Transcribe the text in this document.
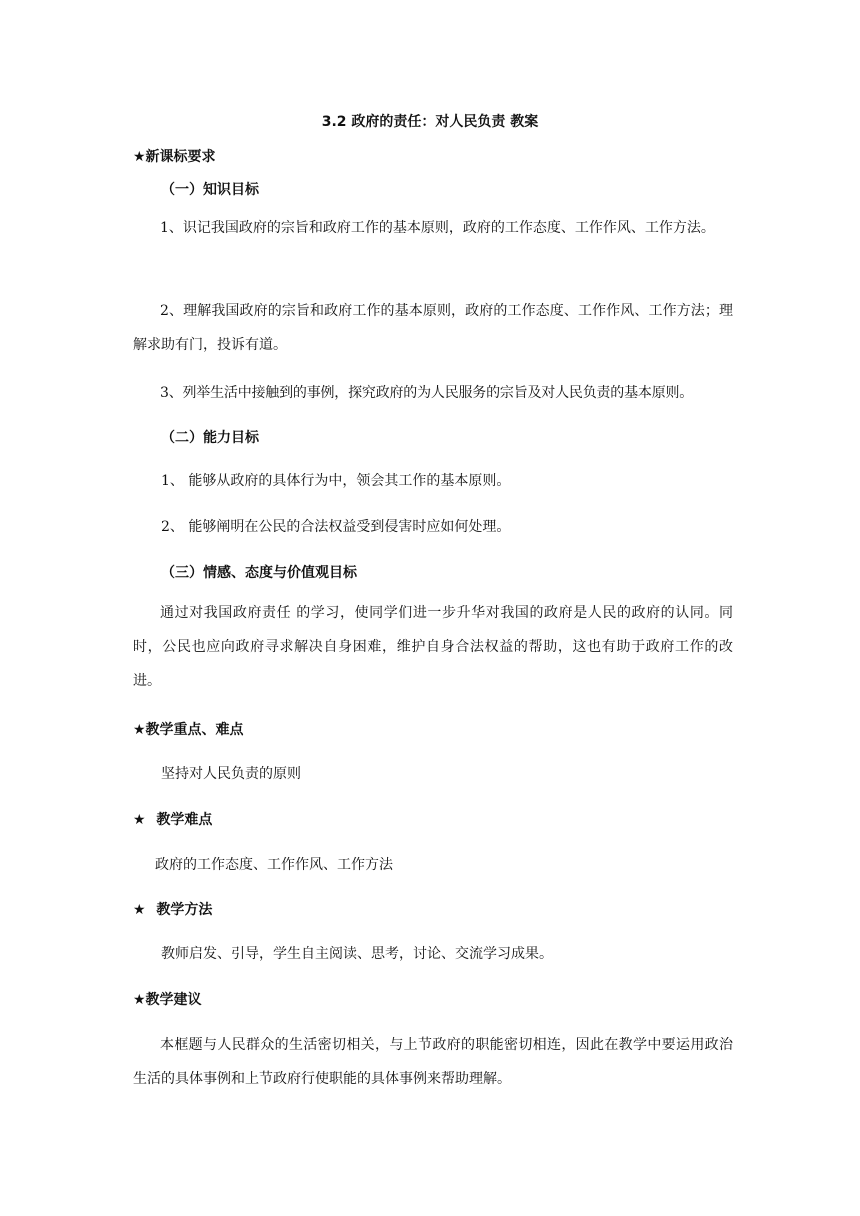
3.2 政府的责任：对人民负责 教案
★新课标要求
（一）知识目标
1、识记我国政府的宗旨和政府工作的基本原则，政府的工作态度、工作作风、工作方法。
2、理解我国政府的宗旨和政府工作的基本原则，政府的工作态度、工作作风、工作方法；理解求助有门，投诉有道。
3、列举生活中接触到的事例，探究政府的为人民服务的宗旨及对人民负责的基本原则。
（二）能力目标
1、 能够从政府的具体行为中，领会其工作的基本原则。
2、 能够阐明在公民的合法权益受到侵害时应如何处理。
（三）情感、态度与价值观目标
通过对我国政府责任 的学习，使同学们进一步升华对我国的政府是人民的政府的认同。同时，公民也应向政府寻求解决自身困难，维护自身合法权益的帮助，这也有助于政府工作的改进。
★教学重点、难点
坚持对人民负责的原则
★ 教学难点
政府的工作态度、工作作风、工作方法
★ 教学方法
教师启发、引导，学生自主阅读、思考，讨论、交流学习成果。
★教学建议
本框题与人民群众的生活密切相关，与上节政府的职能密切相连，因此在教学中要运用政治生活的具体事例和上节政府行使职能的具体事例来帮助理解。
